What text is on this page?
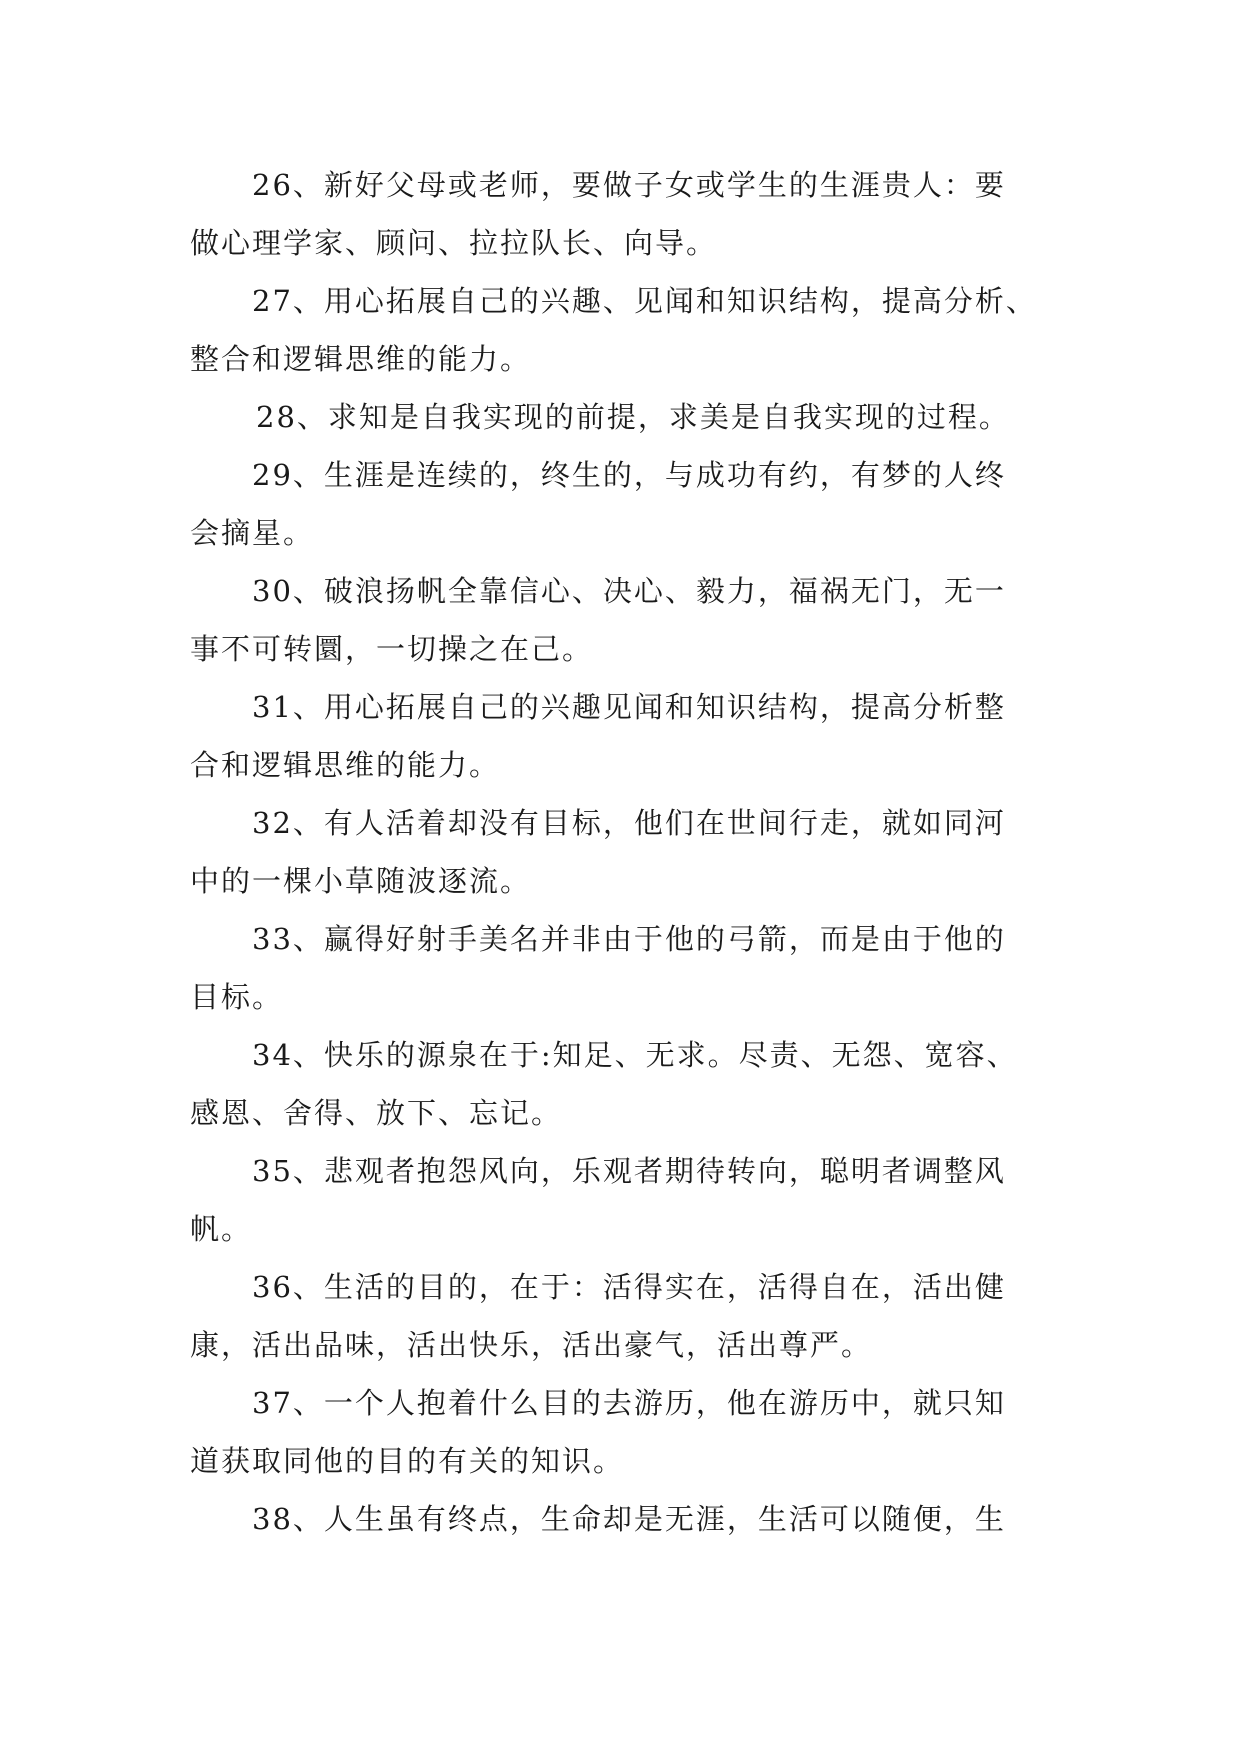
26、新好父母或老师，要做子女或学生的生涯贵人：要
做心理学家、顾问、拉拉队长、向导。
27、用心拓展自己的兴趣、见闻和知识结构，提高分析、
整合和逻辑思维的能力。
28、求知是自我实现的前提，求美是自我实现的过程。
29、生涯是连续的，终生的，与成功有约，有梦的人终
会摘星。
30、破浪扬帆全靠信心、决心、毅力，福祸无门，无一
事不可转圜，一切操之在己。
31、用心拓展自己的兴趣见闻和知识结构，提高分析整
合和逻辑思维的能力。
32、有人活着却没有目标，他们在世间行走，就如同河
中的一棵小草随波逐流。
33、赢得好射手美名并非由于他的弓箭，而是由于他的
目标。
34、快乐的源泉在于:知足、无求。尽责、无怨、宽容、
感恩、舍得、放下、忘记。
35、悲观者抱怨风向，乐观者期待转向，聪明者调整风
帆。
36、生活的目的，在于：活得实在，活得自在，活出健
康，活出品味，活出快乐，活出豪气，活出尊严。
37、一个人抱着什么目的去游历，他在游历中，就只知
道获取同他的目的有关的知识。
38、人生虽有终点，生命却是无涯，生活可以随便，生
